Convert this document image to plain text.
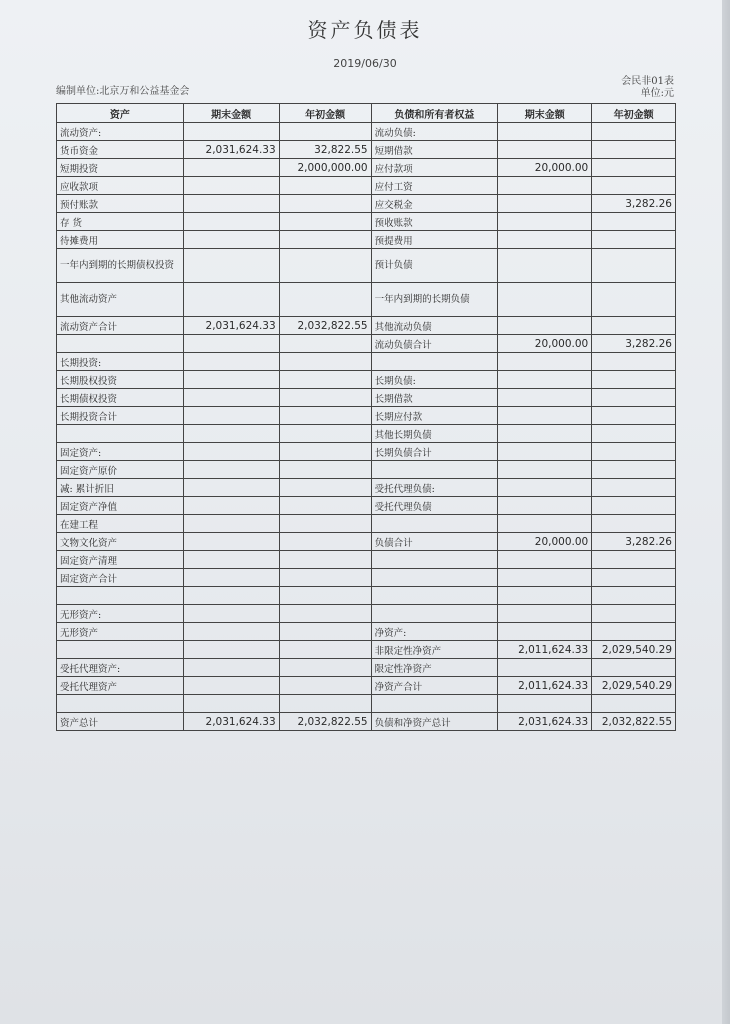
资产负债表
2019/06/30
编制单位:北京万和公益基金会
会民非01表
单位:元
资产	期末金额	年初金额	负债和所有者权益	期末金额	年初金额
流动资产:			流动负债:		
货币资金	2,031,624.33	32,822.55	短期借款		
短期投资		2,000,000.00	应付款项	20,000.00	
应收款项			应付工资		
预付账款			应交税金		3,282.26
存 货			预收账款		
待摊费用			预提费用		
一年内到期的长期债权投资			预计负债		
其他流动资产			一年内到期的长期负债		
流动资产合计	2,031,624.33	2,032,822.55	其他流动负债		
			流动负债合计	20,000.00	3,282.26
长期投资:					
长期股权投资			长期负债:		
长期债权投资			长期借款		
长期投资合计			长期应付款		
			其他长期负债		
固定资产:			长期负债合计		
固定资产原价					
减: 累计折旧			受托代理负债:		
固定资产净值			受托代理负债		
在建工程					
文物文化资产			负债合计	20,000.00	3,282.26
固定资产清理					
固定资产合计					

无形资产:					
无形资产			净资产:		
			非限定性净资产	2,011,624.33	2,029,540.29
受托代理资产:			限定性净资产		
受托代理资产			净资产合计	2,011,624.33	2,029,540.29

资产总计	2,031,624.33	2,032,822.55	负债和净资产总计	2,031,624.33	2,032,822.55
